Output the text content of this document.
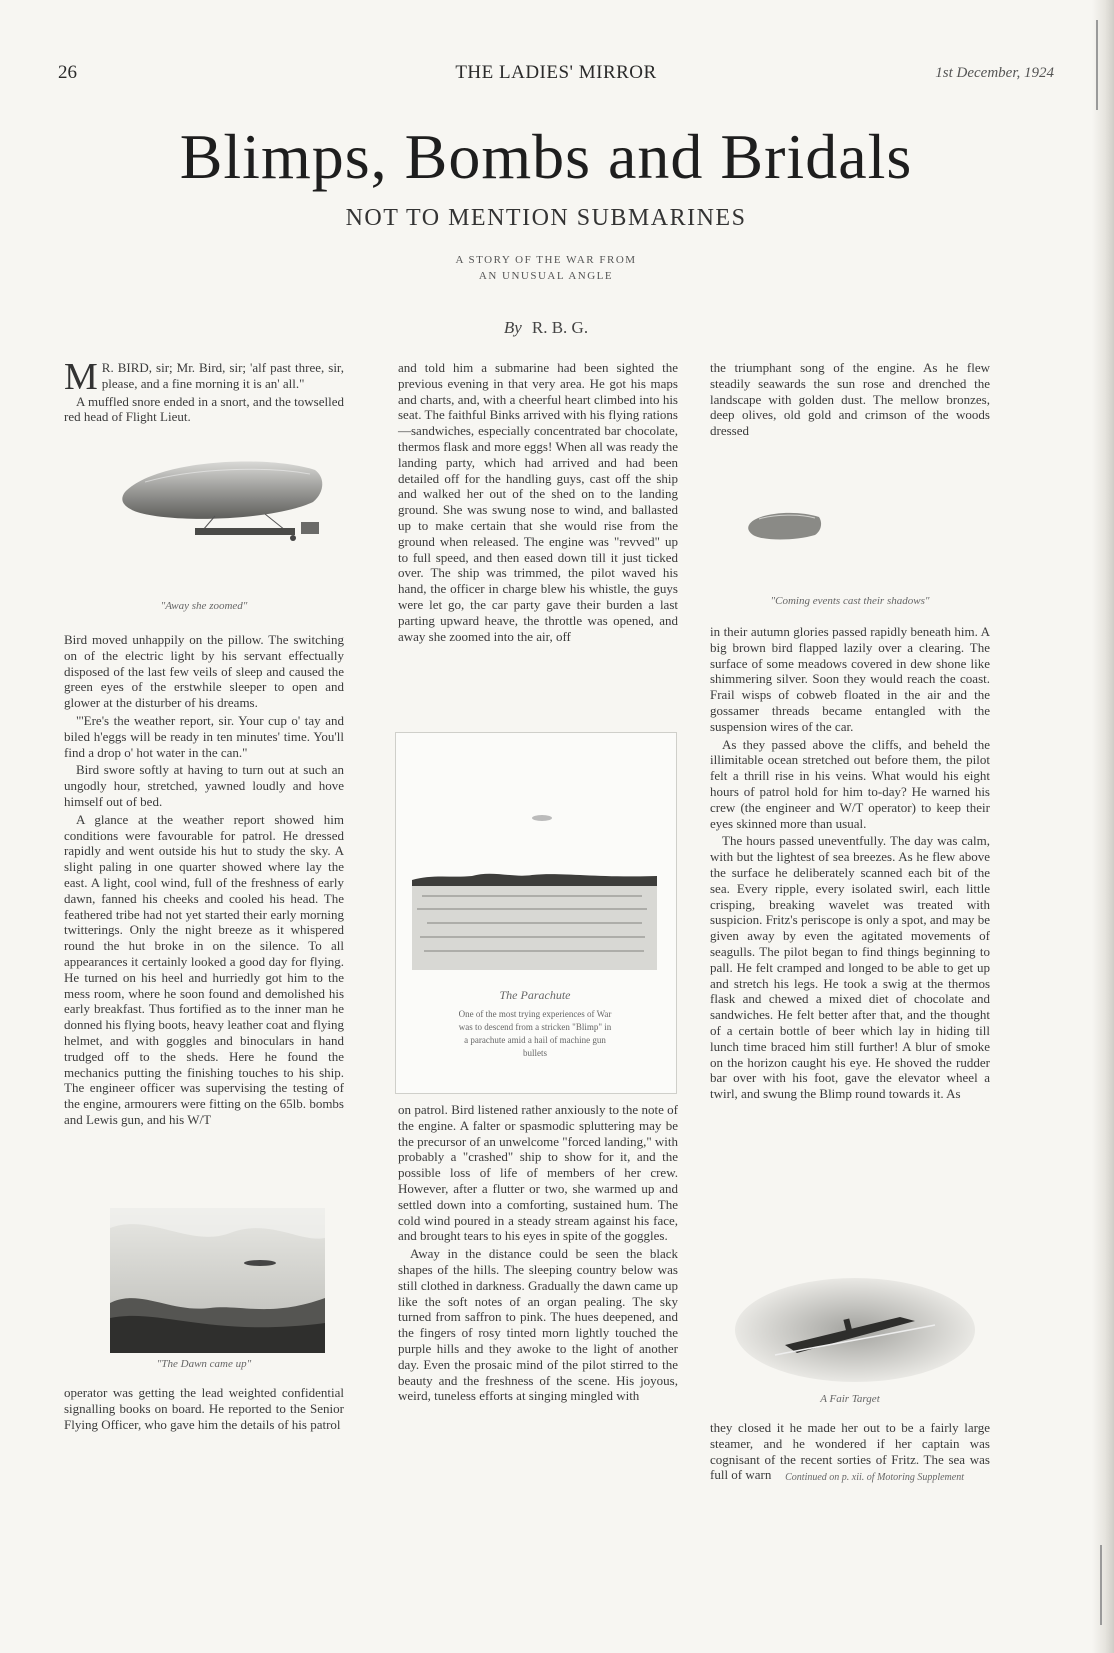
26	THE LADIES' MIRROR	1st December, 1924
Blimps, Bombs and Bridals
NOT TO MENTION SUBMARINES
A STORY OF THE WAR FROM
AN UNUSUAL ANGLE
By R. B. G.

M R. BIRD, sir; Mr. Bird, sir; 'alf past three, sir, please, and a fine morning it is an' all."

A muffled snore ended in a snort, and the towselled red head of Flight Lieut.

"Away she zoomed"

Bird moved unhappily on the pillow. The switching on of the electric light by his servant effectually disposed of the last few veils of sleep and caused the green eyes of the erstwhile sleeper to open and glower at the disturber of his dreams.

"'Ere's the weather report, sir. Your cup o' tay and biled h'eggs will be ready in ten minutes' time. You'll find a drop o' hot water in the can."

Bird swore softly at having to turn out at such an ungodly hour, stretched, yawned loudly and hove himself out of bed.

A glance at the weather report showed him conditions were favourable for patrol. He dressed rapidly and went outside his hut to study the sky. A slight paling in one quarter showed where lay the east. A light, cool wind, full of the freshness of early dawn, fanned his cheeks and cooled his head. The feathered tribe had not yet started their early morning twitterings. Only the night breeze as it whispered round the hut broke in on the silence. To all appearances it certainly looked a good day for flying. He turned on his heel and hurriedly got him to the mess room, where he soon found and demolished his early breakfast. Thus fortified as to the inner man he donned his flying boots, heavy leather coat and flying helmet, and with goggles and binoculars in hand trudged off to the sheds. Here he found the mechanics putting the finishing touches to his ship. The engineer officer was supervising the testing of the engine, armourers were fitting on the 65lb. bombs and Lewis gun, and his W/T

"The Dawn came up"

operator was getting the lead weighted confidential signalling books on board. He reported to the Senior Flying Officer, who gave him the details of his patrol

and told him a submarine had been sighted the previous evening in that very area. He got his maps and charts, and, with a cheerful heart climbed into his seat. The faithful Binks arrived with his flying rations—sandwiches, especially concentrated bar chocolate, thermos flask and more eggs! When all was ready the landing party, which had arrived and had been detailed off for the handling guys, cast off the ship and walked her out of the shed on to the landing ground. She was swung nose to wind, and ballasted up to make certain that she would rise from the ground when released. The engine was "revved" up to full speed, and then eased down till it just ticked over. The ship was trimmed, the pilot waved his hand, the officer in charge blew his whistle, the guys were let go, the car party gave their burden a last parting upward heave, the throttle was opened, and away she zoomed into the air, off

The Parachute
One of the most trying experiences of War
was to descend from a stricken "Blimp" in
a parachute amid a hail of machine gun
bullets

on patrol. Bird listened rather anxiously to the note of the engine. A falter or spasmodic spluttering may be the precursor of an unwelcome "forced landing," with probably a "crashed" ship to show for it, and the possible loss of life of members of her crew. However, after a flutter or two, she warmed up and settled down into a comforting, sustained hum. The cold wind poured in a steady stream against his face, and brought tears to his eyes in spite of the goggles.

Away in the distance could be seen the black shapes of the hills. The sleeping country below was still clothed in darkness. Gradually the dawn came up like the soft notes of an organ pealing. The sky turned from saffron to pink. The hues deepened, and the fingers of rosy tinted morn lightly touched the purple hills and they awoke to the light of another day. Even the prosaic mind of the pilot stirred to the beauty and the freshness of the scene. His joyous, weird, tuneless efforts at singing mingled with

the triumphant song of the engine. As he flew steadily seawards the sun rose and drenched the landscape with golden dust. The mellow bronzes, deep olives, old gold and crimson of the woods dressed

"Coming events cast their shadows"

in their autumn glories passed rapidly beneath him. A big brown bird flapped lazily over a clearing. The surface of some meadows covered in dew shone like shimmering silver. Soon they would reach the coast. Frail wisps of cobweb floated in the air and the gossamer threads became entangled with the suspension wires of the car.

As they passed above the cliffs, and beheld the illimitable ocean stretched out before them, the pilot felt a thrill rise in his veins. What would his eight hours of patrol hold for him to-day? He warned his crew (the engineer and W/T operator) to keep their eyes skinned more than usual.

The hours passed uneventfully. The day was calm, with but the lightest of sea breezes. As he flew above the surface he deliberately scanned each bit of the sea. Every ripple, every isolated swirl, each little crisping, breaking wavelet was treated with suspicion. Fritz's periscope is only a spot, and may be given away by even the agitated movements of seagulls. The pilot began to find things beginning to pall. He felt cramped and longed to be able to get up and stretch his legs. He took a swig at the thermos flask and chewed a mixed diet of chocolate and sandwiches. He felt better after that, and the thought of a certain bottle of beer which lay in hiding till lunch time braced him still further! A blur of smoke on the horizon caught his eye. He shoved the rudder bar over with his foot, gave the elevator wheel a twirl, and swung the Blimp round towards it. As

A Fair Target

they closed it he made her out to be a fairly large steamer, and he wondered if her captain was cognisant of the recent sorties of Fritz. The sea was full of warn	Continued on p. xii. of Motoring Supplement
